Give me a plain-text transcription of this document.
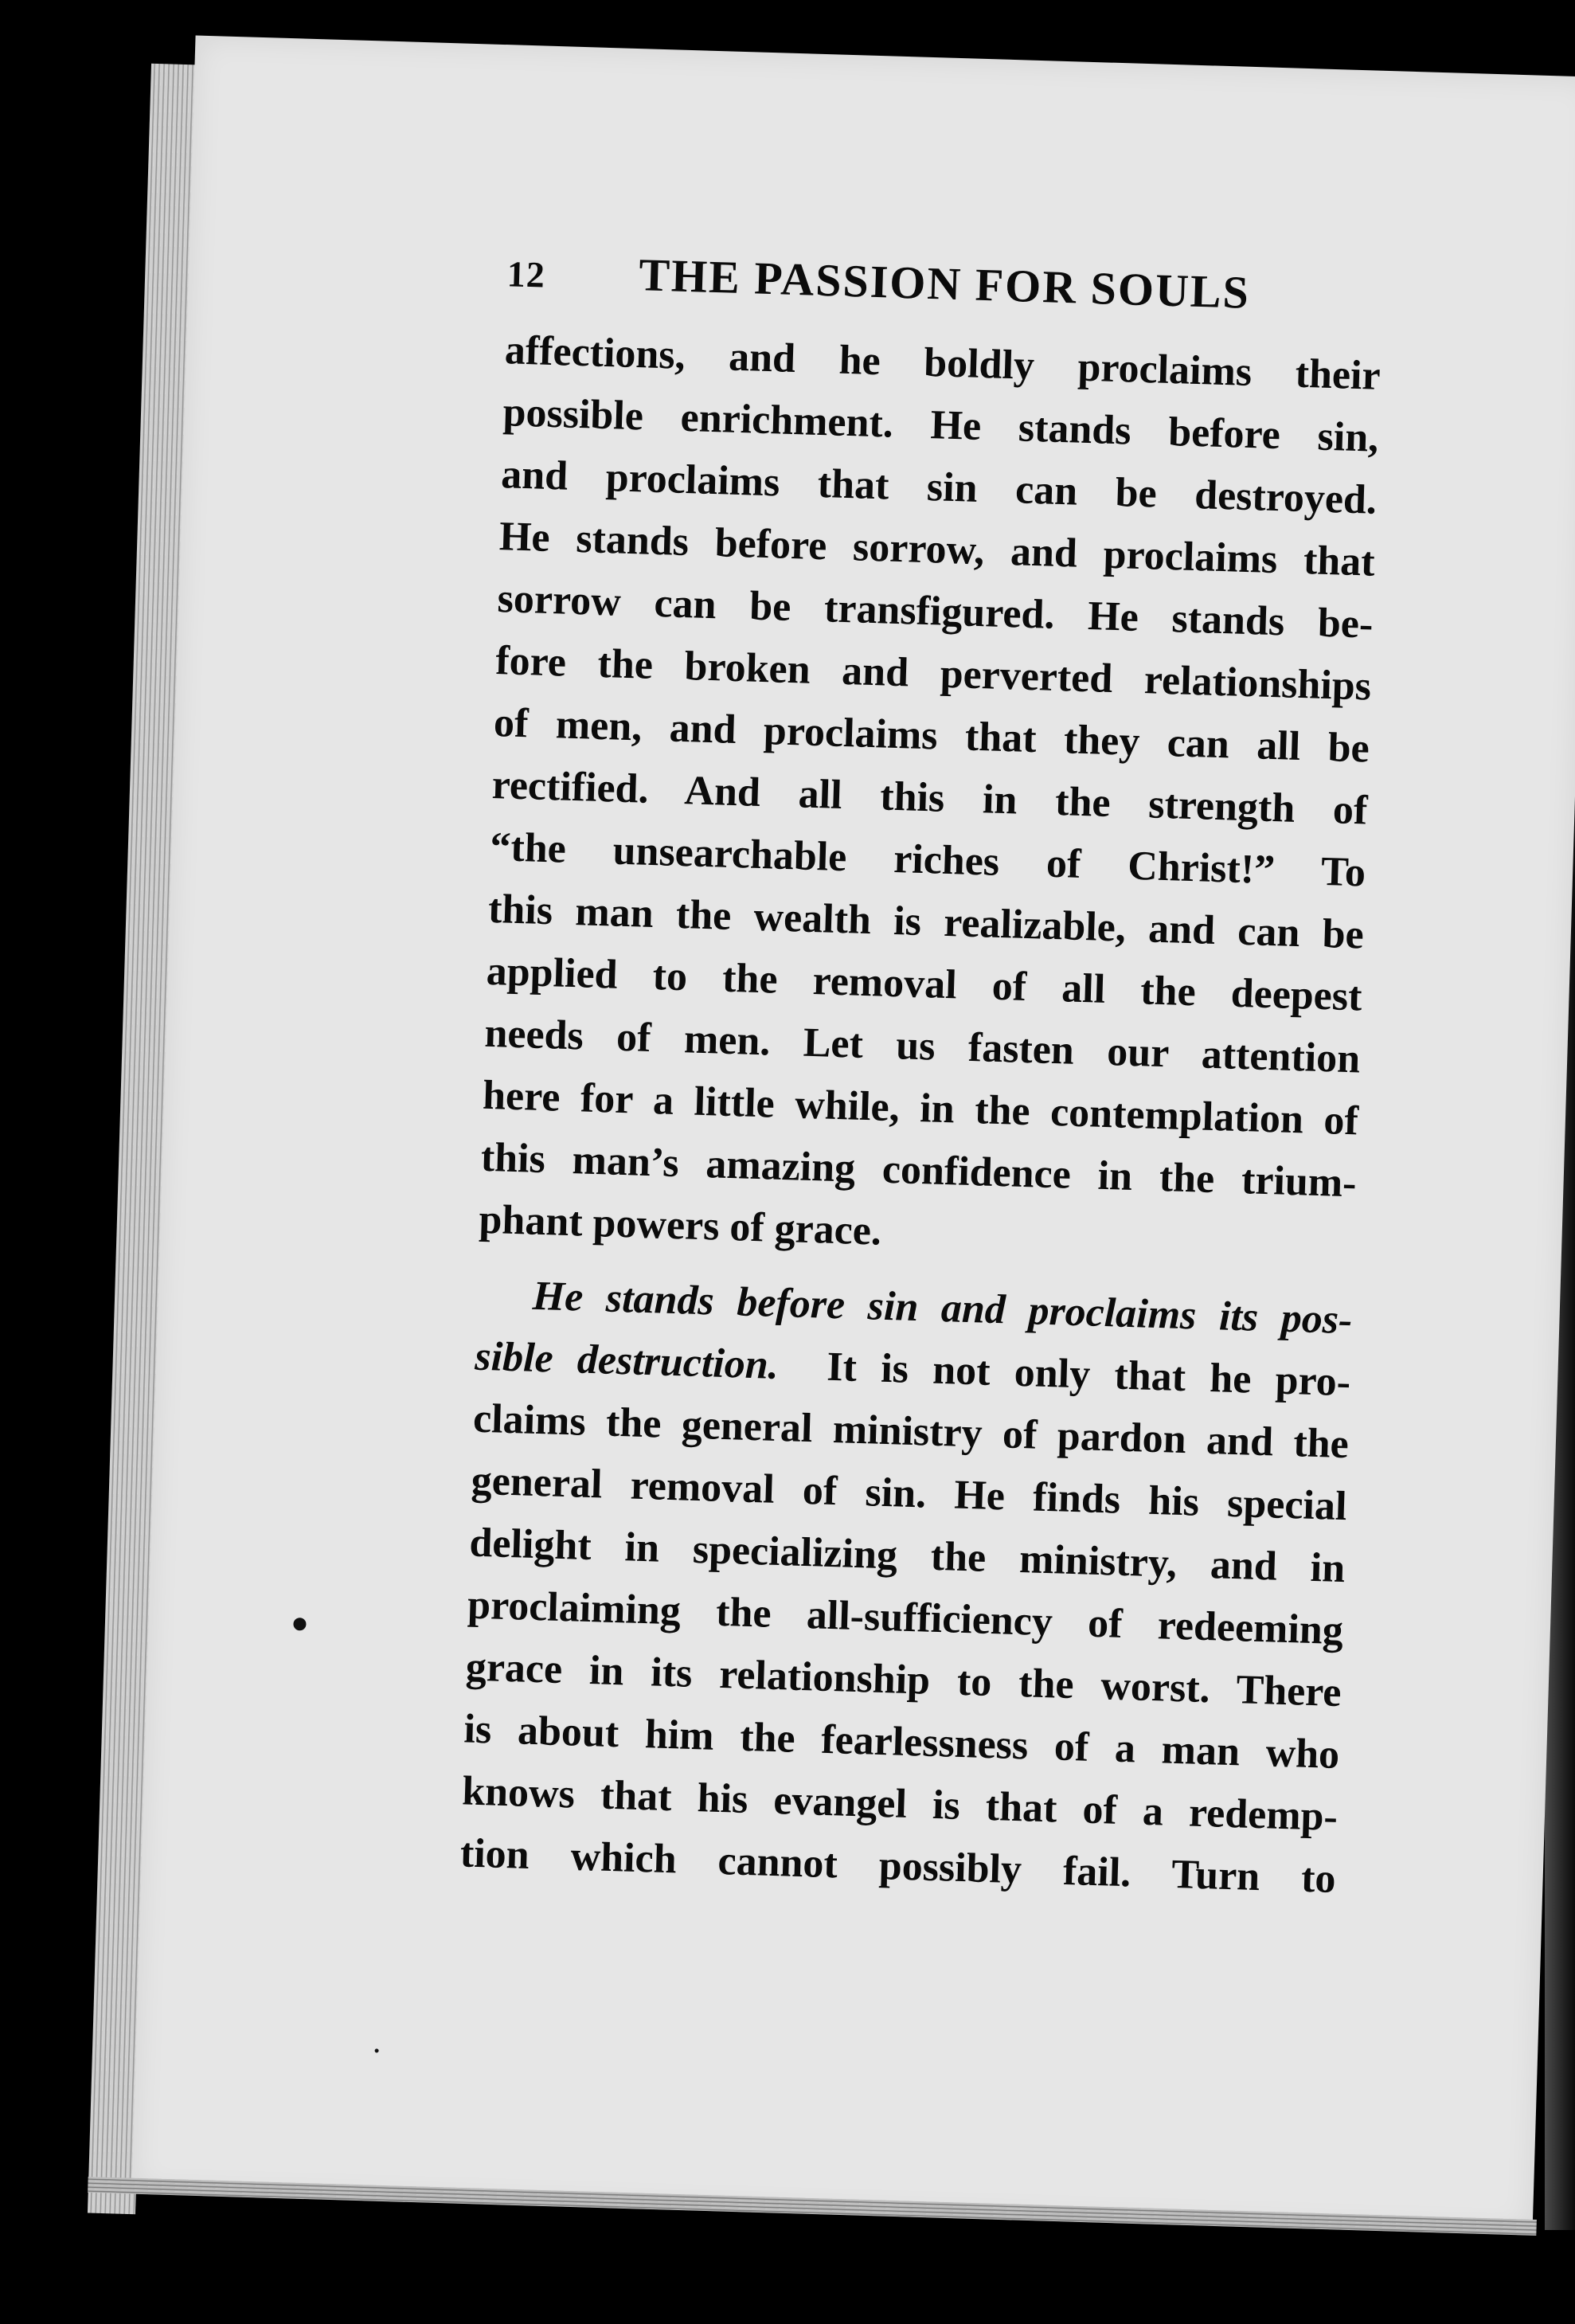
12 THE PASSION FOR SOULS
affections, and he boldly proclaims their
possible enrichment. He stands before sin,
and proclaims that sin can be destroyed.
He stands before sorrow, and proclaims that
sorrow can be transfigured. He stands be-
fore the broken and perverted relationships
of men, and proclaims that they can all be
rectified. And all this in the strength of
“the unsearchable riches of Christ!” To
this man the wealth is realizable, and can be
applied to the removal of all the deepest
needs of men. Let us fasten our attention
here for a little while, in the contemplation of
this man’s amazing confidence in the trium-
phant powers of grace.
He stands before sin and proclaims its pos-
sible destruction. It is not only that he pro-
claims the general ministry of pardon and the
general removal of sin. He finds his special
delight in specializing the ministry, and in
proclaiming the all-sufficiency of redeeming
grace in its relationship to the worst. There
is about him the fearlessness of a man who
knows that his evangel is that of a redemp-
tion which cannot possibly fail. Turn to
